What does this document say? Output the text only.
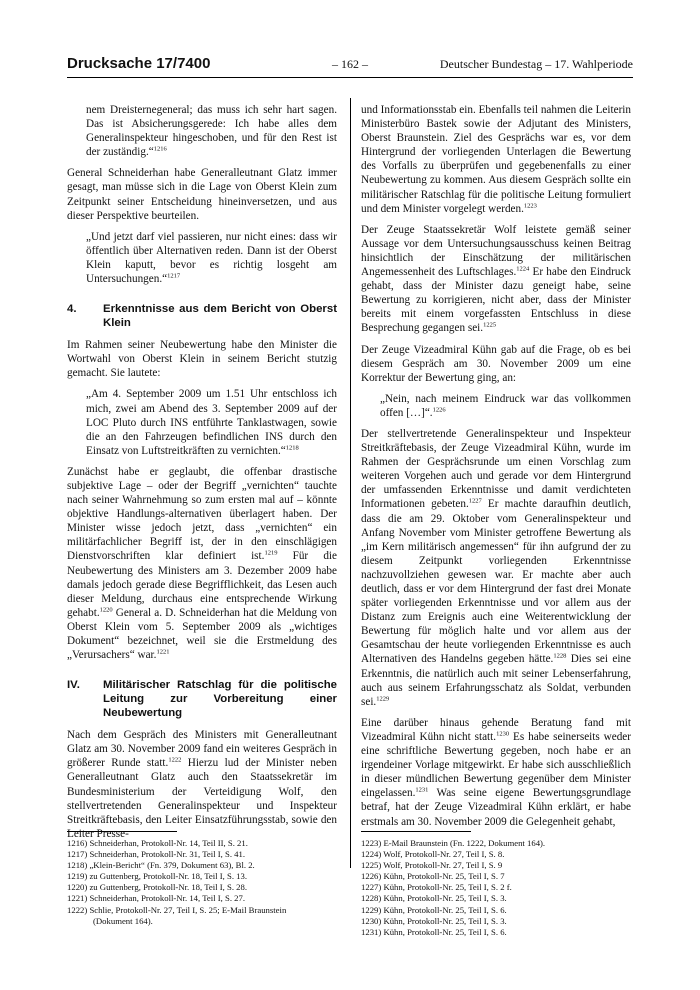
Drucksache 17/7400	– 162 –	Deutscher Bundestag – 17. Wahlperiode

nem Dreisternegeneral; das muss ich sehr hart sagen. Das ist Absicherungsgerede: Ich habe alles dem Generalinspekteur hingeschoben, und für den Rest ist der zuständig.“$^{1216}$

General Schneiderhan habe Generalleutnant Glatz immer gesagt, man müsse sich in die Lage von Oberst Klein zum Zeitpunkt seiner Entscheidung hineinversetzen, und aus dieser Perspektive beurteilen.

„Und jetzt darf viel passieren, nur nicht eines: dass wir öffentlich über Alternativen reden. Dann ist der Oberst Klein kaputt, bevor es richtig losgeht am Untersuchungen.“$^{1217}$

4.	Erkenntnisse aus dem Bericht von Oberst Klein

Im Rahmen seiner Neubewertung habe den Minister die Wortwahl von Oberst Klein in seinem Bericht stutzig gemacht. Sie lautete:

„Am 4. September 2009 um 1.51 Uhr entschloss ich mich, zwei am Abend des 3. September 2009 auf der LOC Pluto durch INS entführte Tanklastwagen, sowie die an den Fahrzeugen befindlichen INS durch den Einsatz von Luftstreitkräften zu vernichten.“$^{1218}$

Zunächst habe er geglaubt, die offenbar drastische subjektive Lage – oder der Begriff „vernichten“ tauchte nach seiner Wahrnehmung so zum ersten mal auf – könnte objektive Handlungs-alternativen überlagert haben. Der Minister wisse jedoch jetzt, dass „vernichten“ ein militärfachlicher Begriff ist, der in den einschlägigen Dienstvorschriften klar definiert ist.$^{1219}$ Für die Neubewertung des Ministers am 3. Dezember 2009 habe damals jedoch gerade diese Begrifflichkeit, das Lesen auch dieser Meldung, durchaus eine entsprechende Wirkung gehabt.$^{1220}$ General a. D. Schneiderhan hat die Meldung von Oberst Klein vom 5. September 2009 als „wichtiges Dokument“ bezeichnet, weil sie die Erstmeldung des „Verursachers“ war.$^{1221}$

IV.	Militärischer Ratschlag für die politische Leitung zur Vorbereitung einer Neubewertung

Nach dem Gespräch des Ministers mit Generalleutnant Glatz am 30. November 2009 fand ein weiteres Gespräch in größerer Runde statt.$^{1222}$ Hierzu lud der Minister neben Generalleutnant Glatz auch den Staatssekretär im Bundesministerium der Verteidigung Wolf, den stellvertretenden Generalinspekteur und Inspekteur Streitkräftebasis, den Leiter Einsatzführungsstab, sowie den Leiter Presse-

und Informationsstab ein. Ebenfalls teil nahmen die Leiterin Ministerbüro Bastek sowie der Adjutant des Ministers, Oberst Braunstein. Ziel des Gesprächs war es, vor dem Hintergrund der vorliegenden Unterlagen die Bewertung des Vorfalls zu überprüfen und gegebenenfalls zu einer Neubewertung zu kommen. Aus diesem Gespräch sollte ein militärischer Ratschlag für die politische Leitung formuliert und dem Minister vorgelegt werden.$^{1223}$

Der Zeuge Staatssekretär Wolf leistete gemäß seiner Aussage vor dem Untersuchungsausschuss keinen Beitrag hinsichtlich der Einschätzung der militärischen Angemessenheit des Luftschlages.$^{1224}$ Er habe den Eindruck gehabt, dass der Minister dazu geneigt habe, seine Bewertung zu korrigieren, nicht aber, dass der Minister bereits mit einem vorgefassten Entschluss in diese Besprechung gegangen sei.$^{1225}$

Der Zeuge Vizeadmiral Kühn gab auf die Frage, ob es bei diesem Gespräch am 30. November 2009 um eine Korrektur der Bewertung ging, an:

„Nein, nach meinem Eindruck war das vollkommen offen […]“.$^{1226}$

Der stellvertretende Generalinspekteur und Inspekteur Streitkräftebasis, der Zeuge Vizeadmiral Kühn, wurde im Rahmen der Gesprächsrunde um einen Vorschlag zum weiteren Vorgehen auch und gerade vor dem Hintergrund der umfassenden Erkenntnisse und damit verdichteten Informationen gebeten.$^{1227}$ Er machte daraufhin deutlich, dass die am 29. Oktober vom Generalinspekteur und Anfang November vom Minister getroffene Bewertung als „im Kern militärisch angemessen“ für ihn aufgrund der zu diesem Zeitpunkt vorliegenden Erkenntnisse nachzuvollziehen gewesen war. Er machte aber auch deutlich, dass er vor dem Hintergrund der fast drei Monate später vorliegenden Erkenntnisse und vor allem aus der Distanz zum Ereignis auch eine Weiterentwicklung der Bewertung für möglich halte und vor allem aus der Gesamtschau der heute vorliegenden Erkenntnisse es auch Alternativen des Handelns gegeben hätte.$^{1228}$ Dies sei eine Erkenntnis, die natürlich auch mit seiner Lebenserfahrung, auch aus seinem Erfahrungsschatz als Soldat, verbunden sei.$^{1229}$

Eine darüber hinaus gehende Beratung fand mit Vizeadmiral Kühn nicht statt.$^{1230}$ Es habe seinerseits weder eine schriftliche Bewertung gegeben, noch habe er an irgendeiner Vorlage mitgewirkt. Er habe sich ausschließlich in dieser mündlichen Bewertung gegenüber dem Minister eingelassen.$^{1231}$ Was seine eigene Bewertungsgrundlage betraf, hat der Zeuge Vizeadmiral Kühn erklärt, er habe erstmals am 30. November 2009 die Gelegenheit gehabt,

1216) Schneiderhan, Protokoll-Nr. 14, Teil II, S. 21.
1217) Schneiderhan, Protokoll-Nr. 31, Teil I, S. 41.
1218) „Klein-Bericht“ (Fn. 379, Dokument 63), Bl. 2.
1219) zu Guttenberg, Protokoll-Nr. 18, Teil I, S. 13.
1220) zu Guttenberg, Protokoll-Nr. 18, Teil I, S. 28.
1221) Schneiderhan, Protokoll-Nr. 14, Teil I, S. 27.
1222) Schlie, Protokoll-Nr. 27, Teil I, S. 25; E-Mail Braunstein
(Dokument 164).
1223) E-Mail Braunstein (Fn. 1222, Dokument 164).
1224) Wolf, Protokoll-Nr. 27, Teil I, S. 8.
1225) Wolf, Protokoll-Nr. 27, Teil I, S. 9
1226) Kühn, Protokoll-Nr. 25, Teil I, S. 7
1227) Kühn, Protokoll-Nr. 25, Teil I, S. 2 f.
1228) Kühn, Protokoll-Nr. 25, Teil I, S. 3.
1229) Kühn, Protokoll-Nr. 25, Teil I, S. 6.
1230) Kühn, Protokoll-Nr. 25, Teil I, S. 3.
1231) Kühn, Protokoll-Nr. 25, Teil I, S. 6.
